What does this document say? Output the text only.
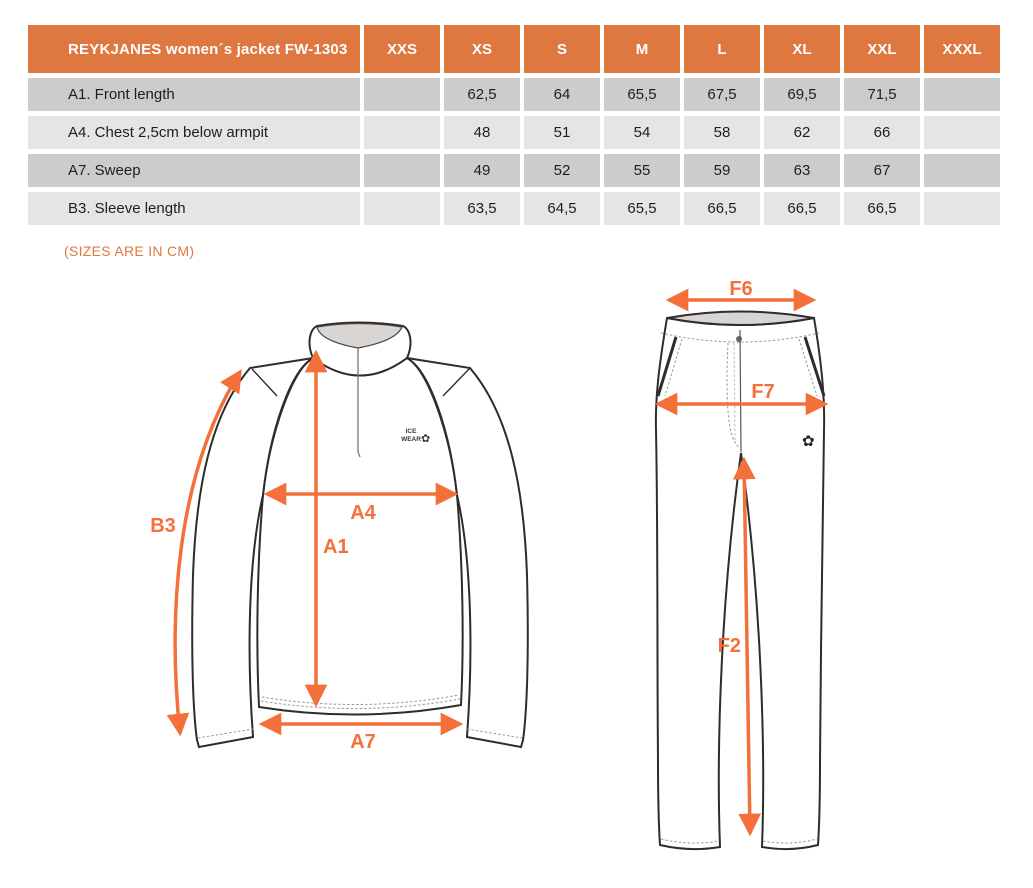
REYKJANES women´s jacket FW-1303	XXS	XS	S	M	L	XL	XXL	XXXL
A1. Front length		62,5	64	65,5	67,5	69,5	71,5	
A4. Chest 2,5cm below armpit		48	51	54	58	62	66	
A7. Sweep		49	52	55	59	63	67	
B3. Sleeve length		63,5	64,5	65,5	66,5	66,5	66,5	
(SIZES ARE IN CM)
ICE
WEAR ✿
B3
A4
A1
A7
✿
F6
F7
F2
